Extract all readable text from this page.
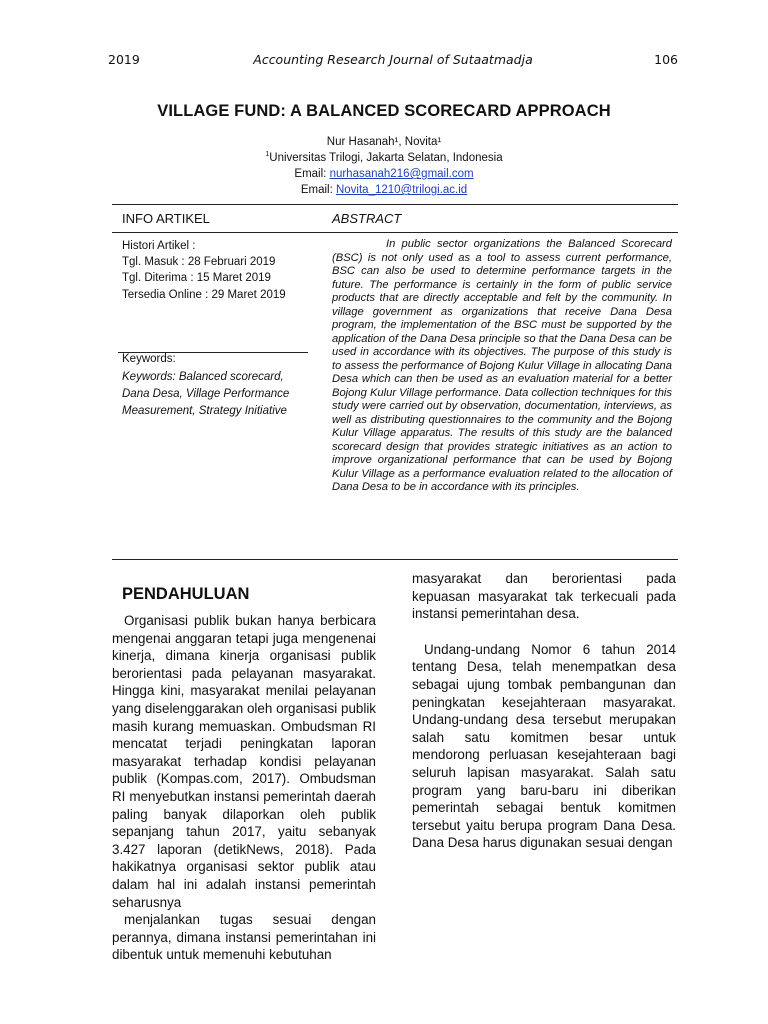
2019	Accounting Research Journal of Sutaatmadja	106
VILLAGE FUND: A BALANCED SCORECARD APPROACH
Nur Hasanah¹, Novita¹
$^1$Universitas Trilogi, Jakarta Selatan, Indonesia
Email: nurhasanah216@gmail.com
Email: Novita_1210@trilogi.ac.id
INFO ARTIKEL	ABSTRACT
Histori Artikel :
Tgl. Masuk : 28 Februari 2019
Tgl. Diterima : 15 Maret 2019
Tersedia Online : 29 Maret 2019
Keywords:
Keywords: Balanced scorecard, Dana Desa, Village Performance Measurement, Strategy Initiative
In public sector organizations the Balanced Scorecard (BSC) is not only used as a tool to assess current performance, BSC can also be used to determine performance targets in the future. The performance is certainly in the form of public service products that are directly acceptable and felt by the community. In village government as organizations that receive Dana Desa program, the implementation of the BSC must be supported by the application of the Dana Desa principle so that the Dana Desa can be used in accordance with its objectives. The purpose of this study is to assess the performance of Bojong Kulur Village in allocating Dana Desa which can then be used as an evaluation material for a better Bojong Kulur Village performance. Data collection techniques for this study were carried out by observation, documentation, interviews, as well as distributing questionnaires to the community and the Bojong Kulur Village apparatus. The results of this study are the balanced scorecard design that provides strategic initiatives as an action to improve organizational performance that can be used by Bojong Kulur Village as a performance evaluation related to the allocation of Dana Desa to be in accordance with its principles.
PENDAHULUAN

Organisasi publik bukan hanya berbicara mengenai anggaran tetapi juga mengenenai kinerja, dimana kinerja organisasi publik berorientasi pada pelayanan masyarakat. Hingga kini, masyarakat menilai pelayanan yang diselenggarakan oleh organisasi publik masih kurang memuaskan. Ombudsman RI mencatat terjadi peningkatan laporan masyarakat terhadap kondisi pelayanan publik (Kompas.com, 2017). Ombudsman RI menyebutkan instansi pemerintah daerah paling banyak dilaporkan oleh publik sepanjang tahun 2017, yaitu sebanyak 3.427 laporan (detikNews, 2018). Pada hakikatnya organisasi sektor publik atau dalam hal ini adalah instansi pemerintah seharusnya

menjalankan tugas sesuai dengan perannya, dimana instansi pemerintahan ini dibentuk untuk memenuhi kebutuhan

masyarakat dan berorientasi pada kepuasan masyarakat tak terkecuali pada instansi pemerintahan desa.

Undang-undang Nomor 6 tahun 2014 tentang Desa, telah menempatkan desa sebagai ujung tombak pembangunan dan peningkatan kesejahteraan masyarakat. Undang-undang desa tersebut merupakan salah satu komitmen besar untuk mendorong perluasan kesejahteraan bagi seluruh lapisan masyarakat. Salah satu program yang baru-baru ini diberikan pemerintah sebagai bentuk komitmen tersebut yaitu berupa program Dana Desa. Dana Desa harus digunakan sesuai dengan
